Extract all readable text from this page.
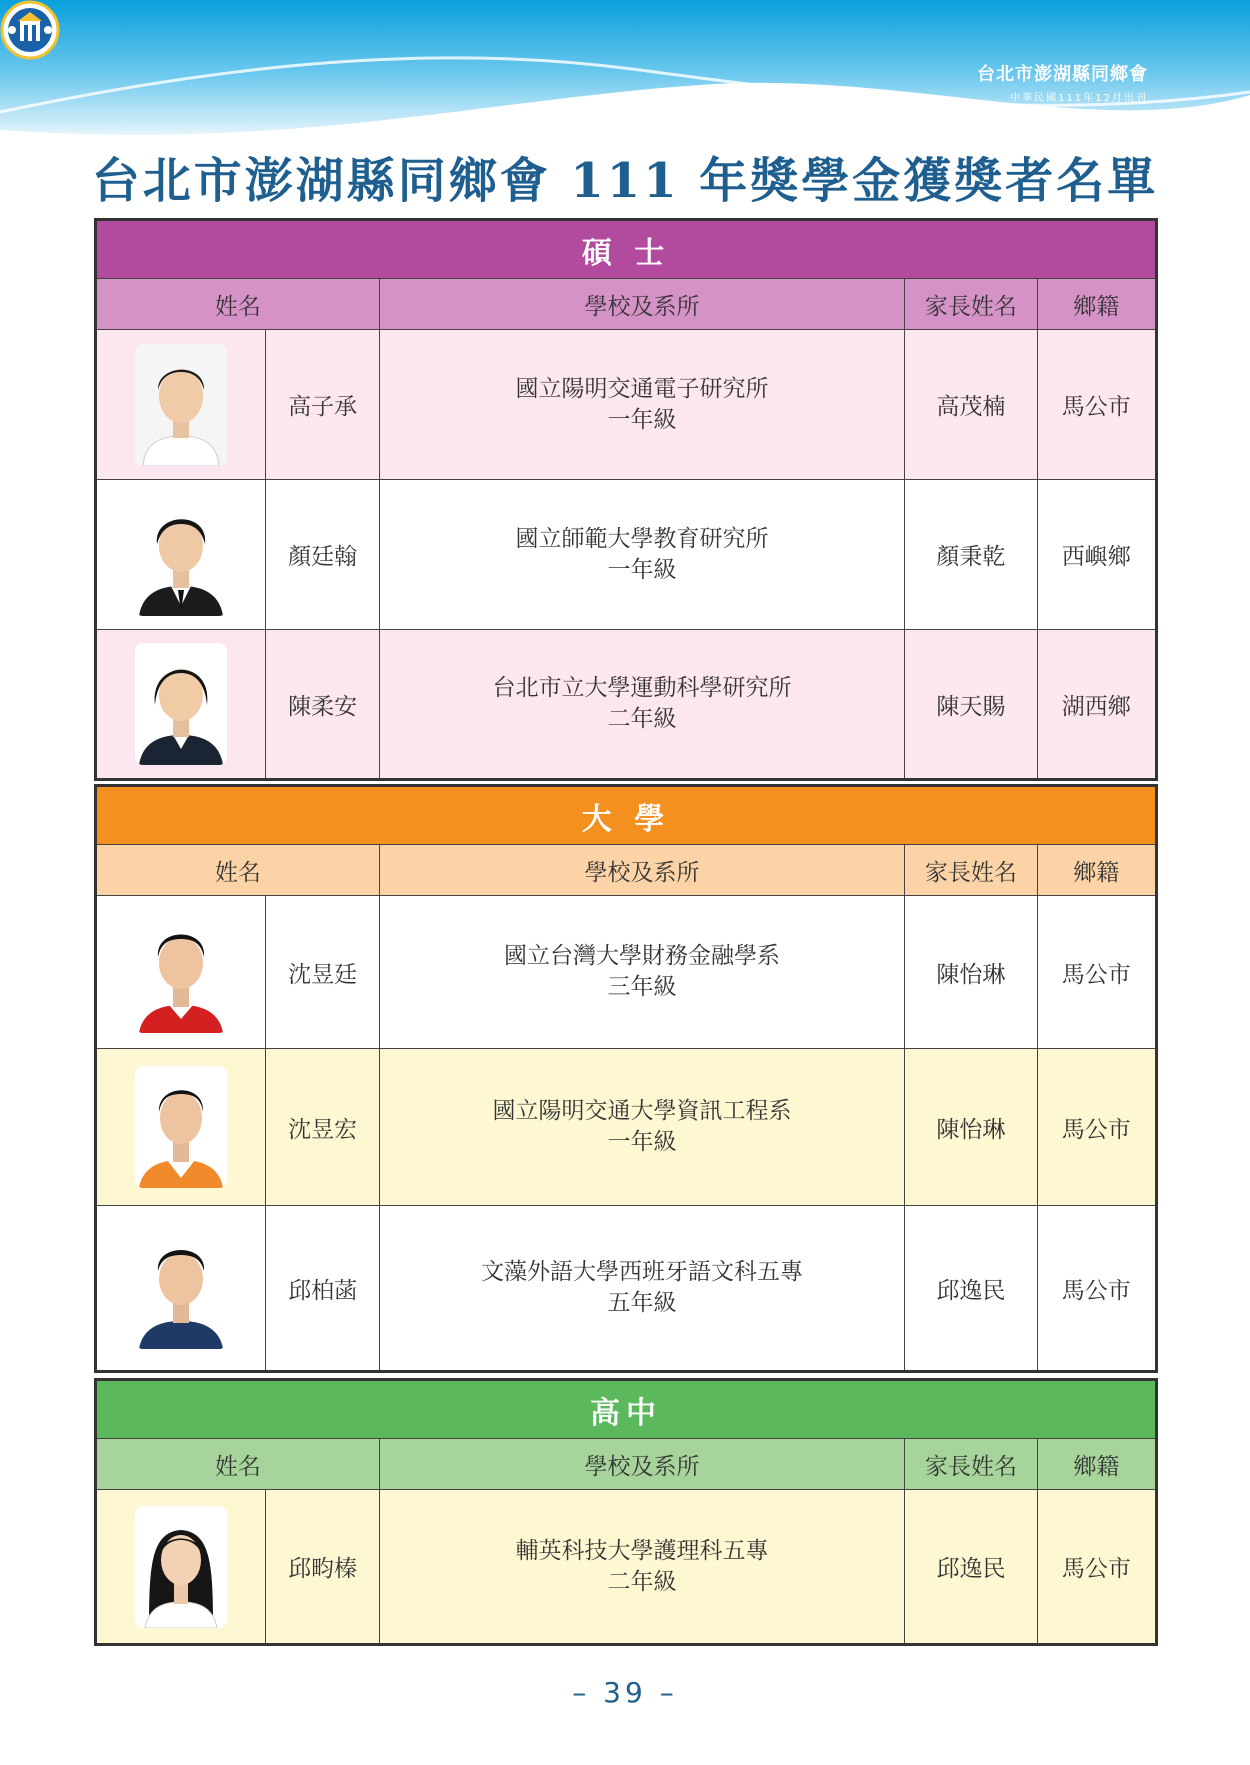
台北市澎湖縣同鄉會
中華民國111年12月出刊
台北市澎湖縣同鄉會 111 年獎學金獲獎者名單
碩 士				
姓名		學校及系所	家長姓名	鄉籍

	高子承	國立陽明交通電子研究所
一年級	高茂楠	馬公市

	顏廷翰	國立師範大學教育研究所
一年級	顏秉乾	西嶼鄉

	陳柔安	台北市立大學運動科學研究所
二年級	陳天賜	湖西鄉
大 學				
姓名		學校及系所	家長姓名	鄉籍

	沈昱廷	國立台灣大學財務金融學系
三年級	陳怡琳	馬公市

	沈昱宏	國立陽明交通大學資訊工程系
一年級	陳怡琳	馬公市

	邱柏菡	文藻外語大學西班牙語文科五專
五年級	邱逸民	馬公市
高中				
姓名		學校及系所	家長姓名	鄉籍

	邱畇榛	輔英科技大學護理科五專
二年級	邱逸民	馬公市
– 39 –
